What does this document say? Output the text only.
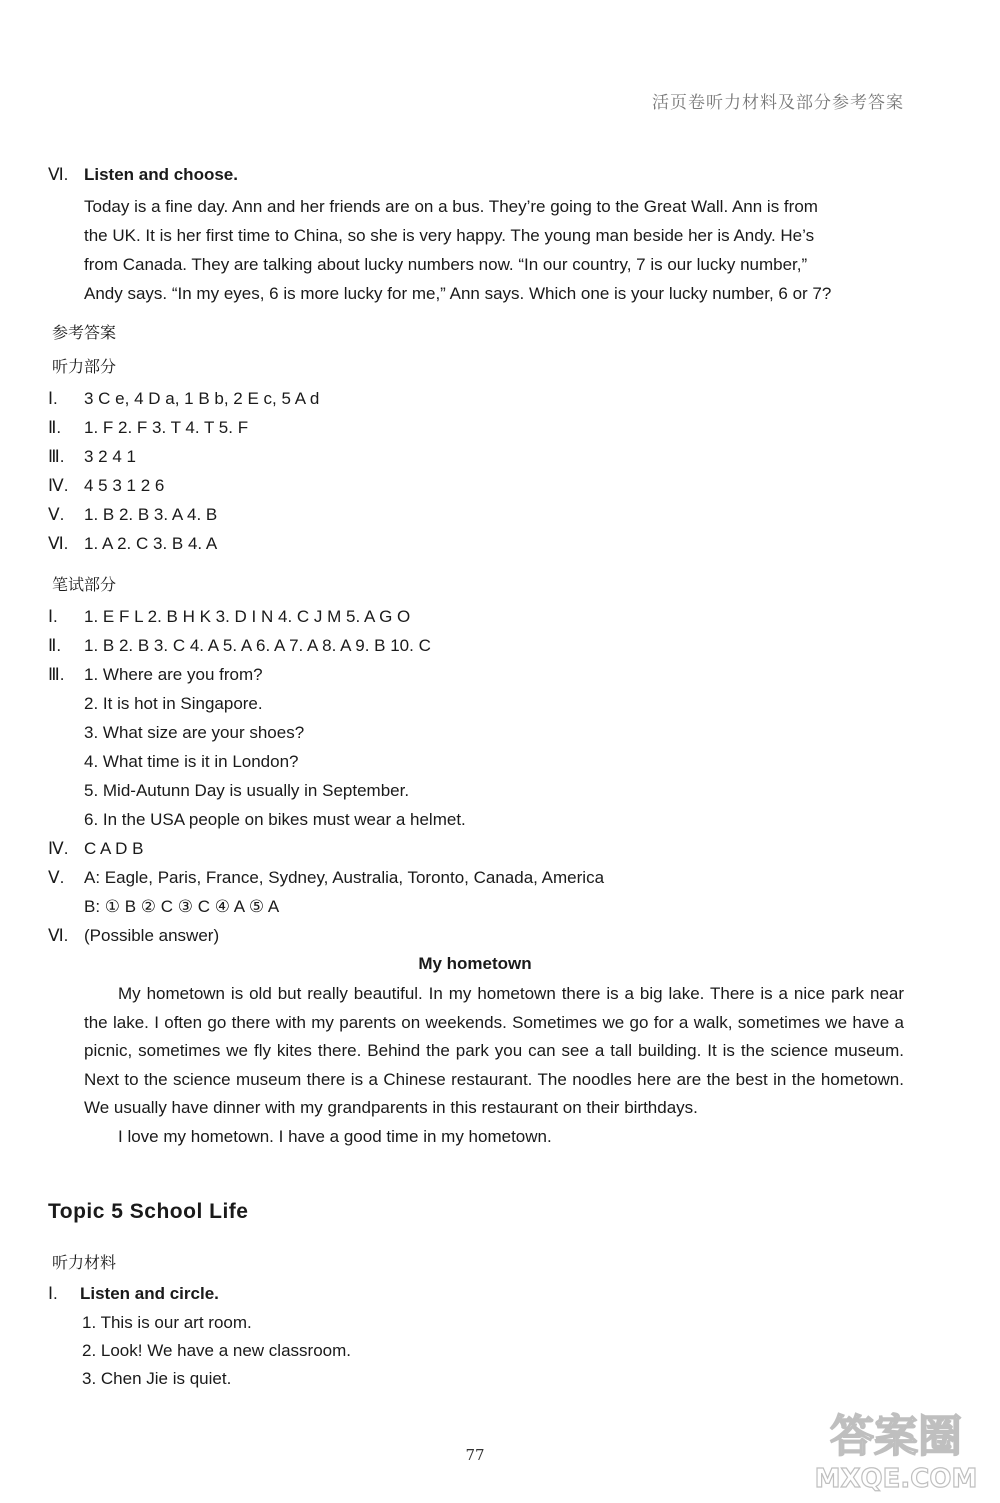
活页卷听力材料及部分参考答案
Ⅵ. Listen and choose.

Today is a fine day. Ann and her friends are on a bus. They’re going to the Great Wall. Ann is from

the UK. It is her first time to China, so she is very happy. The young man beside her is Andy. He’s

from Canada. They are talking about lucky numbers now. “In our country, 7 is our lucky number,”

Andy says. “In my eyes, 6 is more lucky for me,” Ann says. Which one is your lucky number, 6 or 7?

参考答案
听力部分
Ⅰ. 3 C e, 4 D a, 1 B b, 2 E c, 5 A d
Ⅱ. 1. F 2. F 3. T 4. T 5. F
Ⅲ. 3 2 4 1
Ⅳ. 4 5 3 1 2 6
Ⅴ. 1. B 2. B 3. A 4. B
Ⅵ. 1. A 2. C 3. B 4. A
笔试部分
Ⅰ. 1. E F L 2. B H K 3. D I N 4. C J M 5. A G O
Ⅱ. 1. B 2. B 3. C 4. A 5. A 6. A 7. A 8. A 9. B 10. C
Ⅲ. 1. Where are you from?
2. It is hot in Singapore.
3. What size are your shoes?
4. What time is it in London?
5. Mid-Autunn Day is usually in September.
6. In the USA people on bikes must wear a helmet.
Ⅳ. C A D B
Ⅴ. A: Eagle, Paris, France, Sydney, Australia, Toronto, Canada, America
B: ① B ② C ③ C ④ A ⑤ A
Ⅵ. (Possible answer)
My hometown

My hometown is old but really beautiful. In my hometown there is a big lake. There is a nice park near the lake. I often go there with my parents on weekends. Sometimes we go for a walk, sometimes we have a picnic, sometimes we fly kites there. Behind the park you can see a tall building. It is the science museum. Next to the science museum there is a Chinese restaurant. The noodles here are the best in the hometown. We usually have dinner with my grandparents in this restaurant on their birthdays.

I love my hometown. I have a good time in my hometown.

Topic 5 School Life
听力材料
Ⅰ. Listen and circle.
1. This is our art room.
2. Look! We have a new classroom.
3. Chen Jie is quiet.
77	答案圈
MXQE.COM
